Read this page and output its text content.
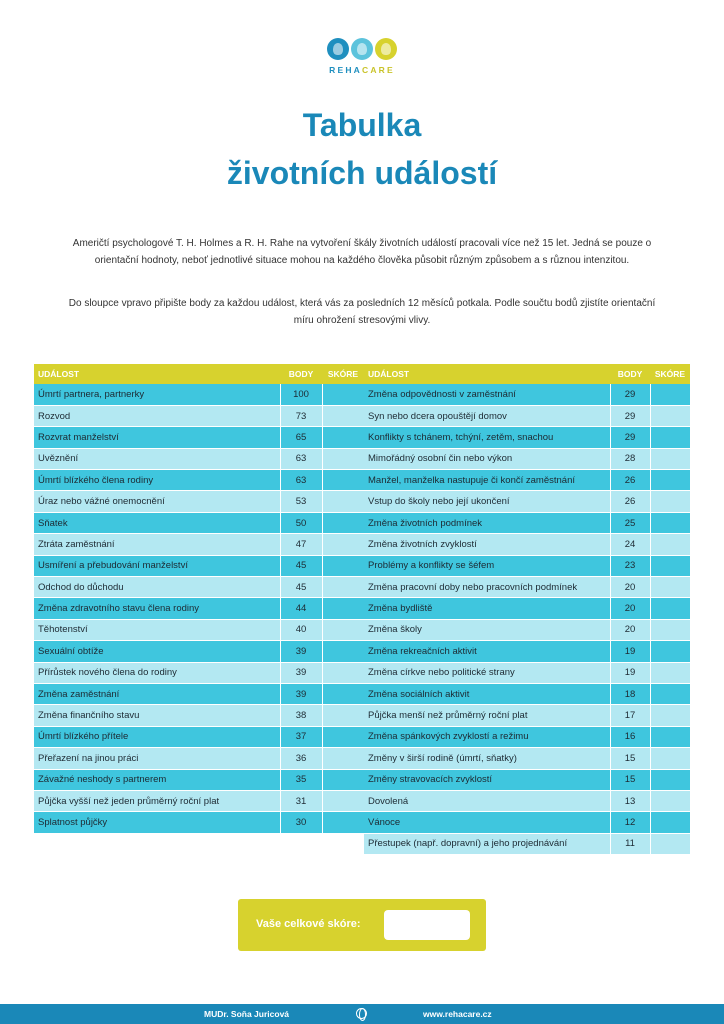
REHACARE
Tabulka
životních událostí

Američtí psychologové T. H. Holmes a R. H. Rahe na vytvoření škály životních událostí pracovali více než 15 let. Jedná se pouze o orientační hodnoty, neboť jednotlivé situace mohou na každého člověka působit různým způsobem a s různou intenzitou.

Do sloupce vpravo připište body za každou událost, která vás za posledních 12 měsíců potkala. Podle součtu bodů zjistíte orientační míru ohrožení stresovými vlivy.

UDÁLOST	BODY	SKÓRE
Úmrtí partnera, partnerky	100	
Rozvod	73	
Rozvrat manželství	65	
Uvěznění	63	
Úmrtí blízkého člena rodiny	63	
Úraz nebo vážné onemocnění	53	
Sňatek	50	
Ztráta zaměstnání	47	
Usmíření a přebudování manželství	45	
Odchod do důchodu	45	
Změna zdravotního stavu člena rodiny	44	
Těhotenství	40	
Sexuální obtíže	39	
Přírůstek nového člena do rodiny	39	
Změna zaměstnání	39	
Změna finančního stavu	38	
Úmrtí blízkého přítele	37	
Přeřazení na jinou práci	36	
Závažné neshody s partnerem	35	
Půjčka vyšší než jeden průměrný roční plat	31	
Splatnost půjčky	30	
UDÁLOST	BODY	SKÓRE
Změna odpovědnosti v zaměstnání	29	
Syn nebo dcera opouštějí domov	29	
Konflikty s tchánem, tchýní, zetěm, snachou	29	
Mimořádný osobní čin nebo výkon	28	
Manžel, manželka nastupuje či končí zaměstnání	26	
Vstup do školy nebo její ukončení	26	
Změna životních podmínek	25	
Změna životních zvyklostí	24	
Problémy a konflikty se šéfem	23	
Změna pracovní doby nebo pracovních podmínek	20	
Změna bydliště	20	
Změna školy	20	
Změna rekreačních aktivit	19	
Změna církve nebo politické strany	19	
Změna sociálních aktivit	18	
Půjčka menší než průměrný roční plat	17	
Změna spánkových zvyklostí a režimu	16	
Změny v širší rodině (úmrtí, sňatky)	15	
Změny stravovacích zvyklostí	15	
Dovolená	13	
Vánoce	12	
Přestupek (např. dopravní) a jeho projednávání	11	
Vaše celkové skóre:
MUDr. Soňa Juricová	www.rehacare.cz
